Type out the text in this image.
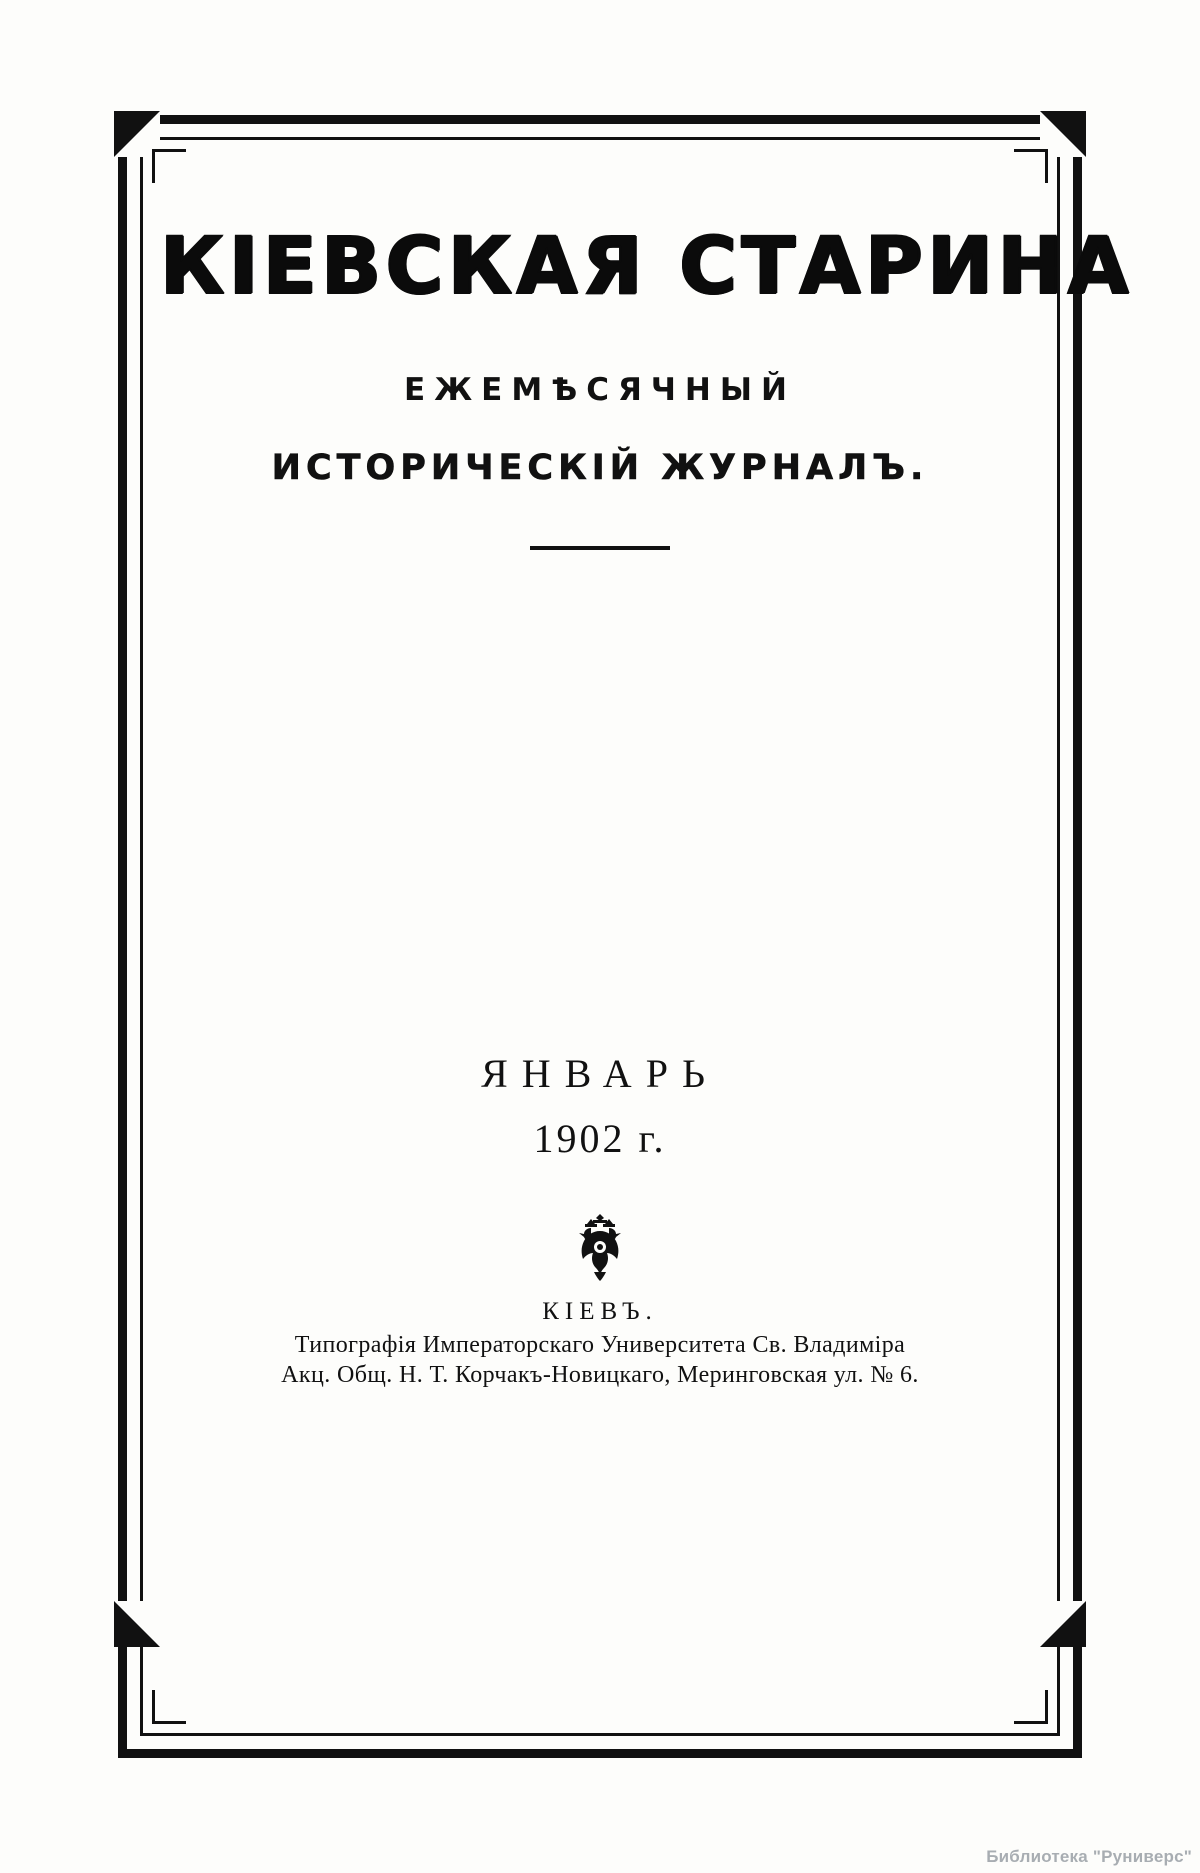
КІЕВСКАЯ СТАРИНА
ЕЖЕМѢСЯЧНЫЙ
ИСТОРИЧЕСКІЙ ЖУРНАЛЪ.
ЯНВАРЬ
1902 г.
КІЕВЪ.
Типографія Императорскаго Университета Св. Владиміра
Акц. Общ. Н. Т. Корчакъ-Новицкаго, Меринговская ул. № 6.
Библиотека "Руниверс"
